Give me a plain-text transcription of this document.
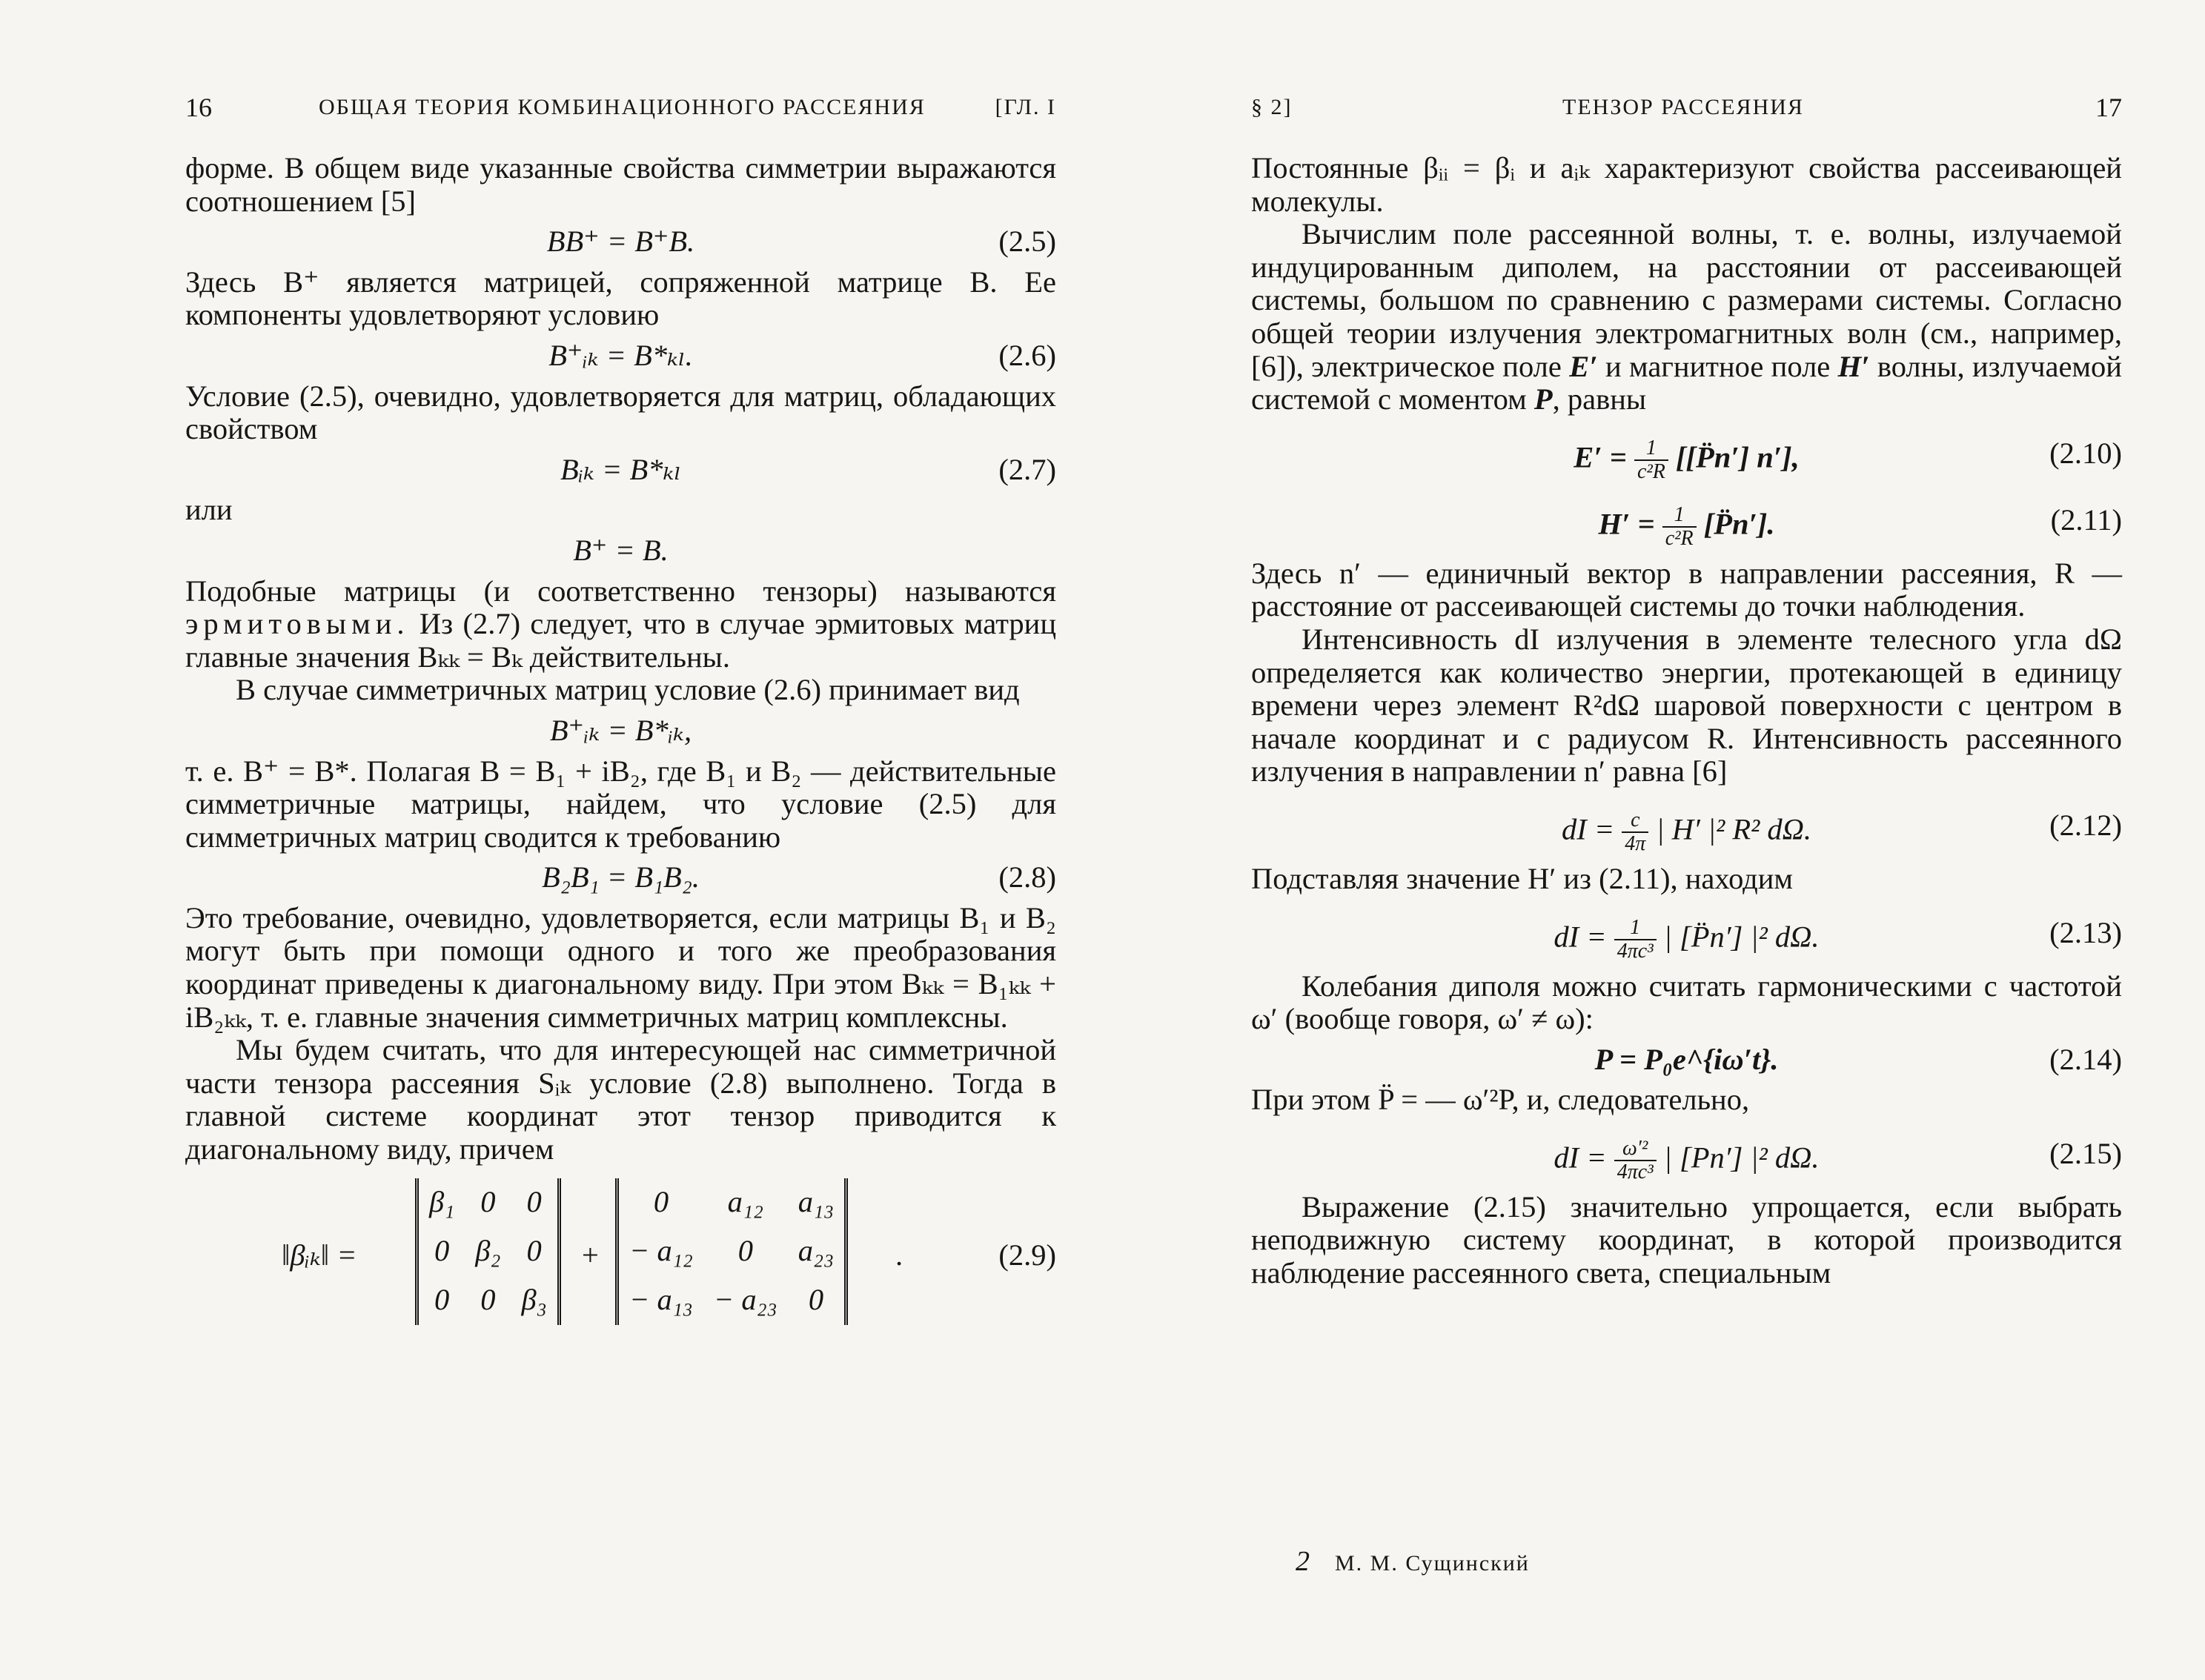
16	ОБЩАЯ ТЕОРИЯ КОМБИНАЦИОННОГО РАССЕЯНИЯ	[ГЛ. I

форме. В общем виде указанные свойства симметрии выражаются соотношением [5]

BB⁺ = B⁺B.	(2.5)

Здесь B⁺ является матрицей, сопряженной матрице B. Ее компоненты удовлетворяют условию

B⁺ᵢₖ = B*ₖₗ.	(2.6)

Условие (2.5), очевидно, удовлетворяется для матриц, обладающих свойством

Bᵢₖ = B*ₖₗ	(2.7)

или

B⁺ = B.

Подобные матрицы (и соответственно тензоры) называются эрмитовыми. Из (2.7) следует, что в случае эрмитовых матриц главные значения Bₖₖ = Bₖ действительны.

В случае симметричных матриц условие (2.6) принимает вид

B⁺ᵢₖ = B*ᵢₖ,

т. е. B⁺ = B*. Полагая B = B₁ + iB₂, где B₁ и B₂ — действительные симметричные матрицы, найдем, что условие (2.5) для симметричных матриц сводится к требованию

B₂B₁ = B₁B₂.	(2.8)

Это требование, очевидно, удовлетворяется, если матрицы B₁ и B₂ могут быть при помощи одного и того же преобразования координат приведены к диагональному виду. При этом Bₖₖ = B₁ₖₖ + iB₂ₖₖ, т. е. главные значения симметричных матриц комплексны.

Мы будем считать, что для интересующей нас симметричной части тензора рассеяния Sᵢₖ условие (2.8) выполнено. Тогда в главной системе координат этот тензор приводится к диагональному виду, причем

‖βᵢₖ‖ =
β₁	0	0
0	β₂	0
0	0	β₃
+
0	a₁₂	a₁₃
− a₁₂	0	a₂₃
− a₁₃	− a₂₃	0
.	(2.9)
§ 2]	ТЕНЗОР РАССЕЯНИЯ	17

Постоянные βᵢᵢ = βᵢ и aᵢₖ характеризуют свойства рассеивающей молекулы.

Вычислим поле рассеянной волны, т. е. волны, излучаемой индуцированным диполем, на расстоянии от рассеивающей системы, большом по сравнению с размерами системы. Согласно общей теории излучения электромагнитных волн (см., например, [6]), электрическое поле E′ и магнитное поле H′ волны, излучаемой системой с моментом P, равны

$E' = \frac{1}{\text{c²R}}$ [[P̈n′] n′],	(2.10)
$H' = \frac{1}{\text{c²R}}$ [P̈n′].	(2.11)

Здесь n′ — единичный вектор в направлении рассеяния, R — расстояние от рассеивающей системы до точки наблюдения.

Интенсивность dI излучения в элементе телесного угла dΩ определяется как количество энергии, протекающей в единицу времени через элемент R²dΩ шаровой поверхности с центром в начале координат и с радиусом R. Интенсивность рассеянного излучения в направлении n′ равна [6]

dI = $\frac{c}{4\pi}$ | H′ |² R² dΩ.	(2.12)

Подставляя значение H′ из (2.11), находим

dI = $\frac{1}{\text{4πc³}}$ | [P̈n′] |² dΩ.	(2.13)

Колебания диполя можно считать гармоническими с частотой ω′ (вообще говоря, ω′ ≠ ω):

P = P₀e^{iω′t}.	(2.14)

При этом P̈ = — ω′²P, и, следовательно,

dI = $\frac{\text{ω′²}}{\text{4πc³}}$ | [Pn′] |² dΩ.	(2.15)

Выражение (2.15) значительно упрощается, если выбрать неподвижную систему координат, в которой производится наблюдение рассеянного света, специальным

2 М. М. Сущинский
